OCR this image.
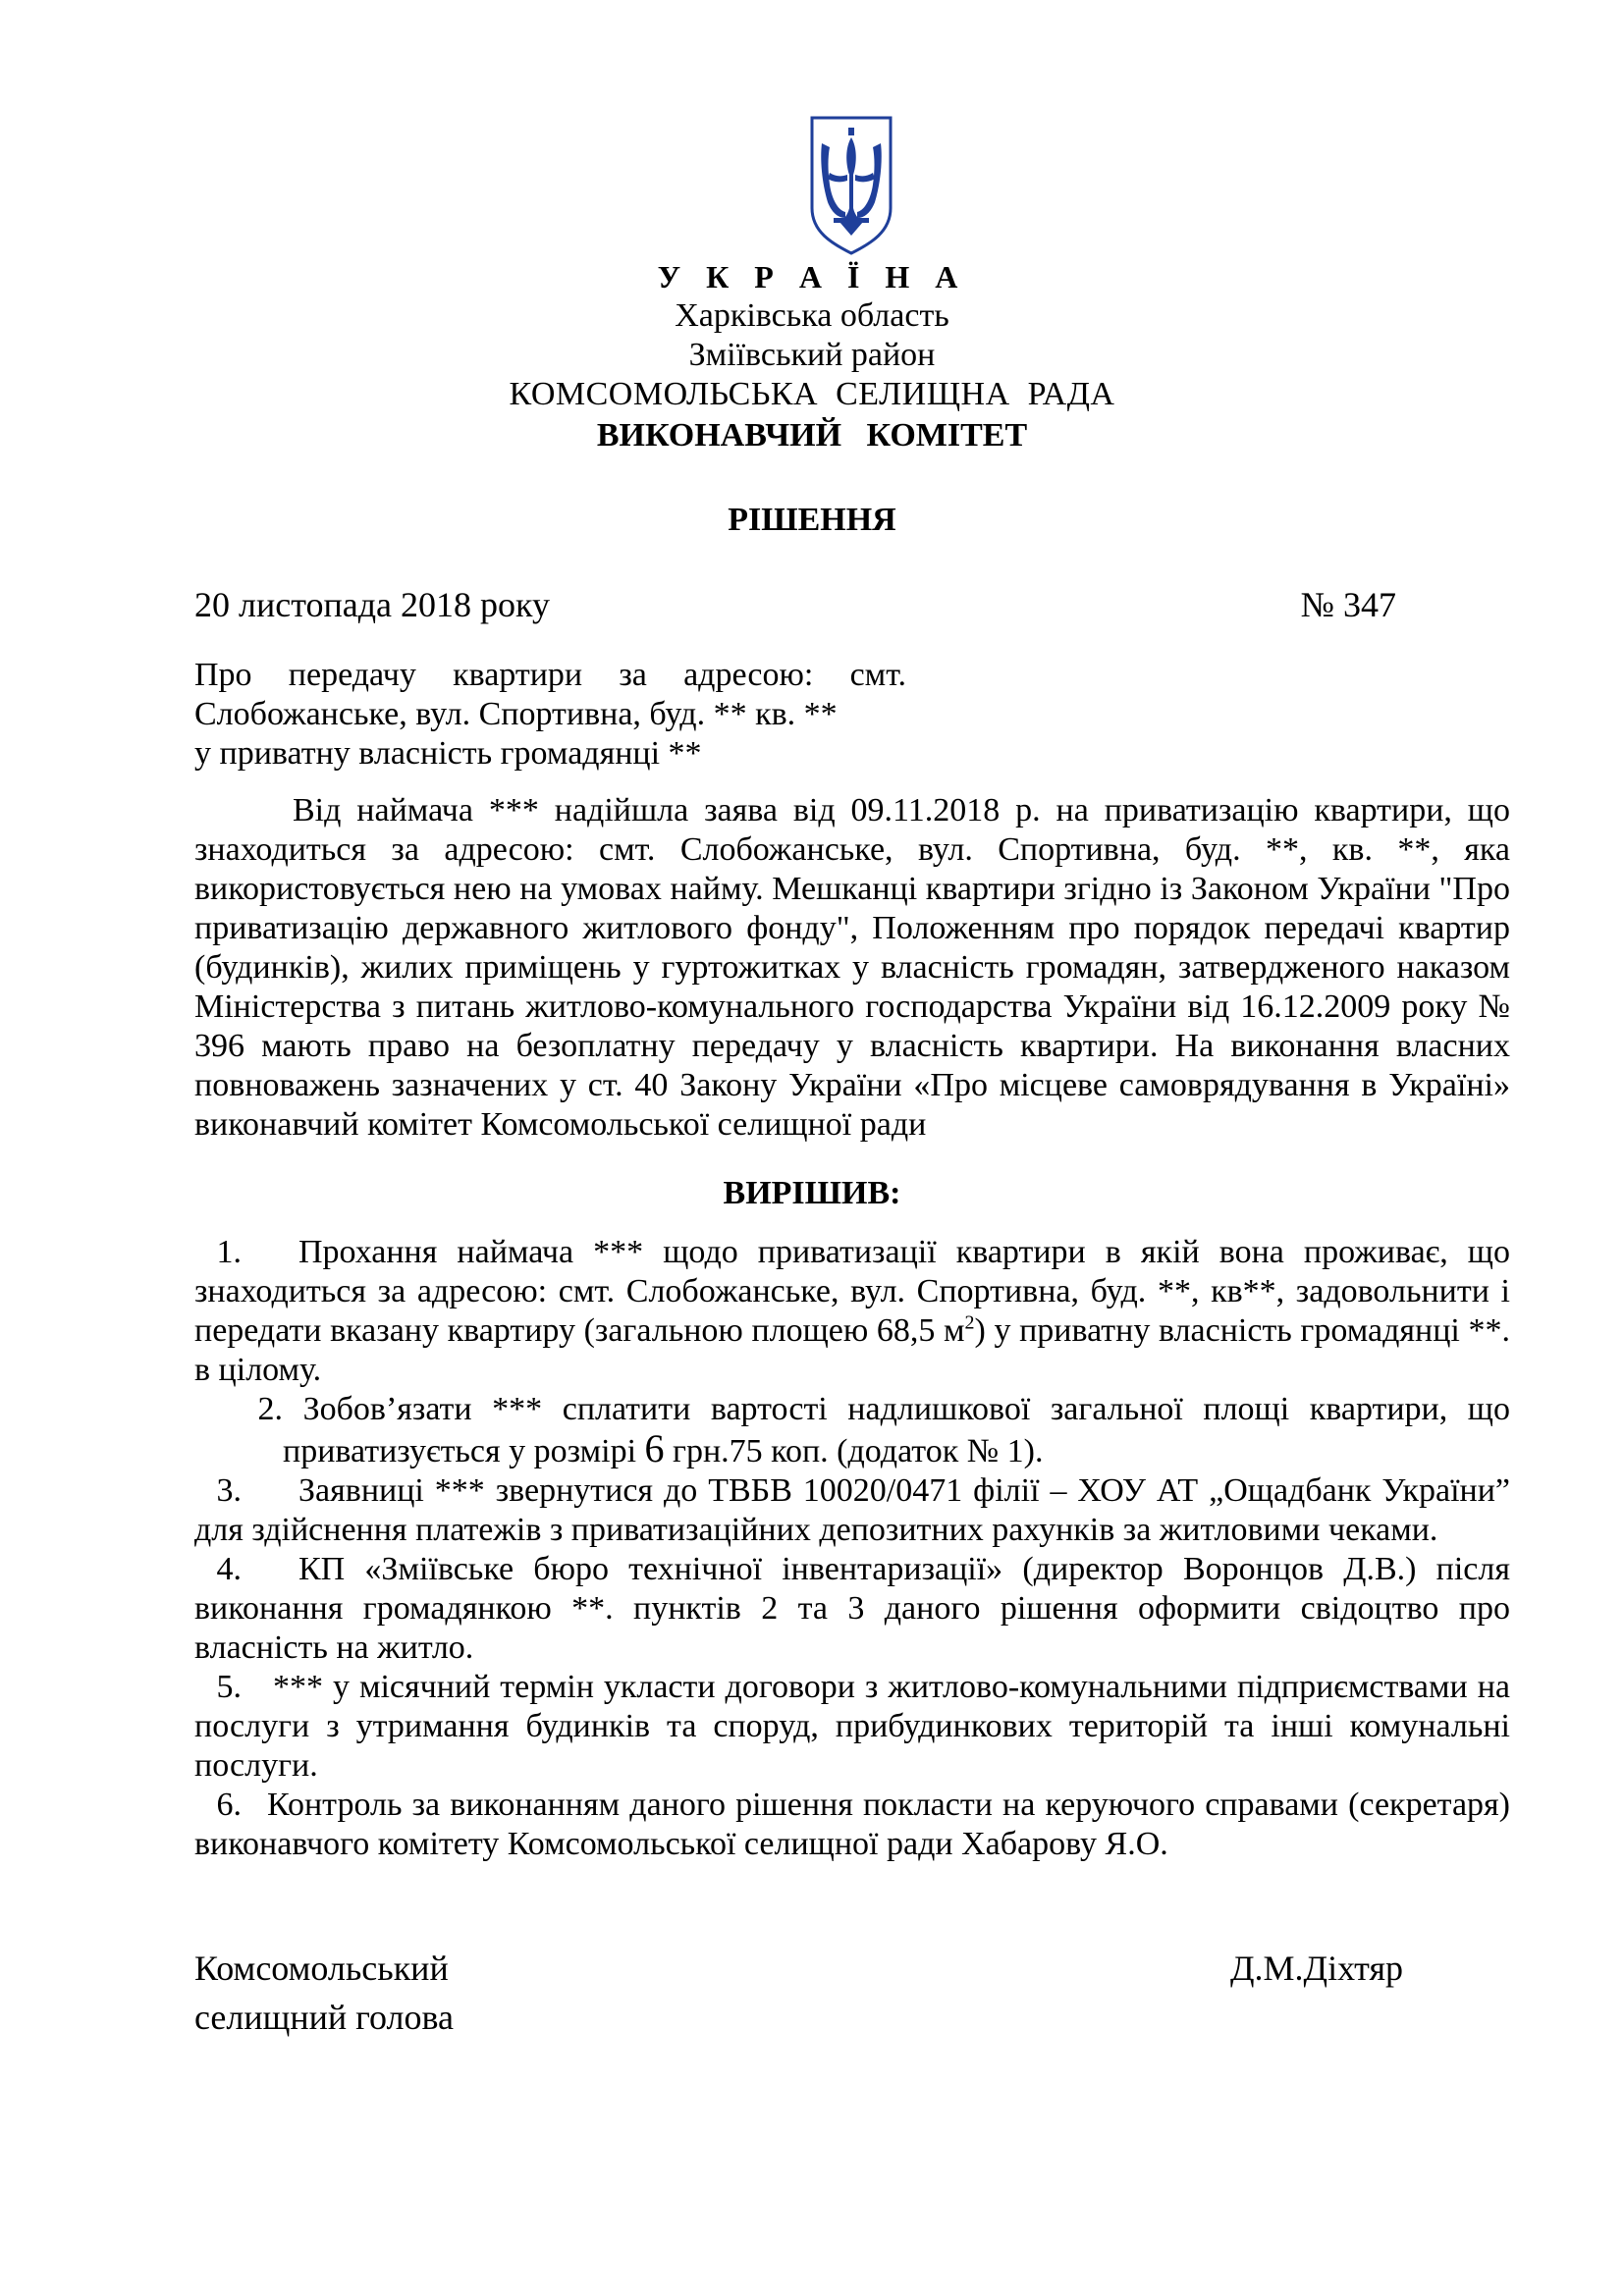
У К Р А Ї Н А
Харківська область
Зміївський район
КОМСОМОЛЬСЬКА  СЕЛИЩНА  РАДА
ВИКОНАВЧИЙ   КОМІТЕТ
РІШЕННЯ
20 листопада 2018 року	№ 347
Про передачу квартири за адресою: смт.
Слобожанське, вул. Спортивна, буд. ** кв. **
у приватну власність громадянці **
Від наймача *** надійшла заява від 09.11.2018 р. на приватизацію квартири, що знаходиться за адресою: смт. Слобожанське, вул. Спортивна, буд. **, кв. **, яка використовується нею на умовах найму. Мешканці квартири згідно із Законом України "Про приватизацію державного житлового фонду", Положенням про порядок передачі квартир (будинків), жилих приміщень у гуртожитках у власність громадян, затвердженого наказом Міністерства з питань житлово-комунального господарства України від 16.12.2009 року № 396 мають право на безоплатну передачу у власність квартири. На виконання власних повноважень зазначених у ст. 40 Закону України «Про місцеве самоврядування в Україні» виконавчий комітет Комсомольської селищної ради
ВИРІШИВ:
1. Прохання наймача *** щодо приватизації квартири в якій вона проживає, що знаходиться за адресою: смт. Слобожанське, вул. Спортивна, буд. **, кв**, задовольнити і передати вказану квартиру (загальною площею 68,5 $м^2$) у приватну власність громадянці **. в цілому.
2. Зобов’язати *** сплатити вартості надлишкової загальної площі квартири, що приватизується у розмірі 6 грн.75 коп. (додаток № 1).
3. Заявниці *** звернутися до ТВБВ 10020/0471 філії – ХОУ АТ „Ощадбанк України” для здійснення платежів з приватизаційних депозитних рахунків за житловими чеками.
4. КП «Зміївське бюро технічної інвентаризації» (директор Воронцов Д.В.) після виконання громадянкою **. пунктів 2 та 3 даного рішення оформити свідоцтво про власність на житло.
5. *** у місячний термін укласти договори з житлово-комунальними підприємствами на послуги з утримання будинків та споруд, прибудинкових територій та інші комунальні послуги.
6. Контроль за виконанням даного рішення покласти на керуючого справами (секретаря) виконавчого комітету Комсомольської селищної ради Хабарову Я.О.
Комсомольський
селищний голова
Д.М.Діхтяр
